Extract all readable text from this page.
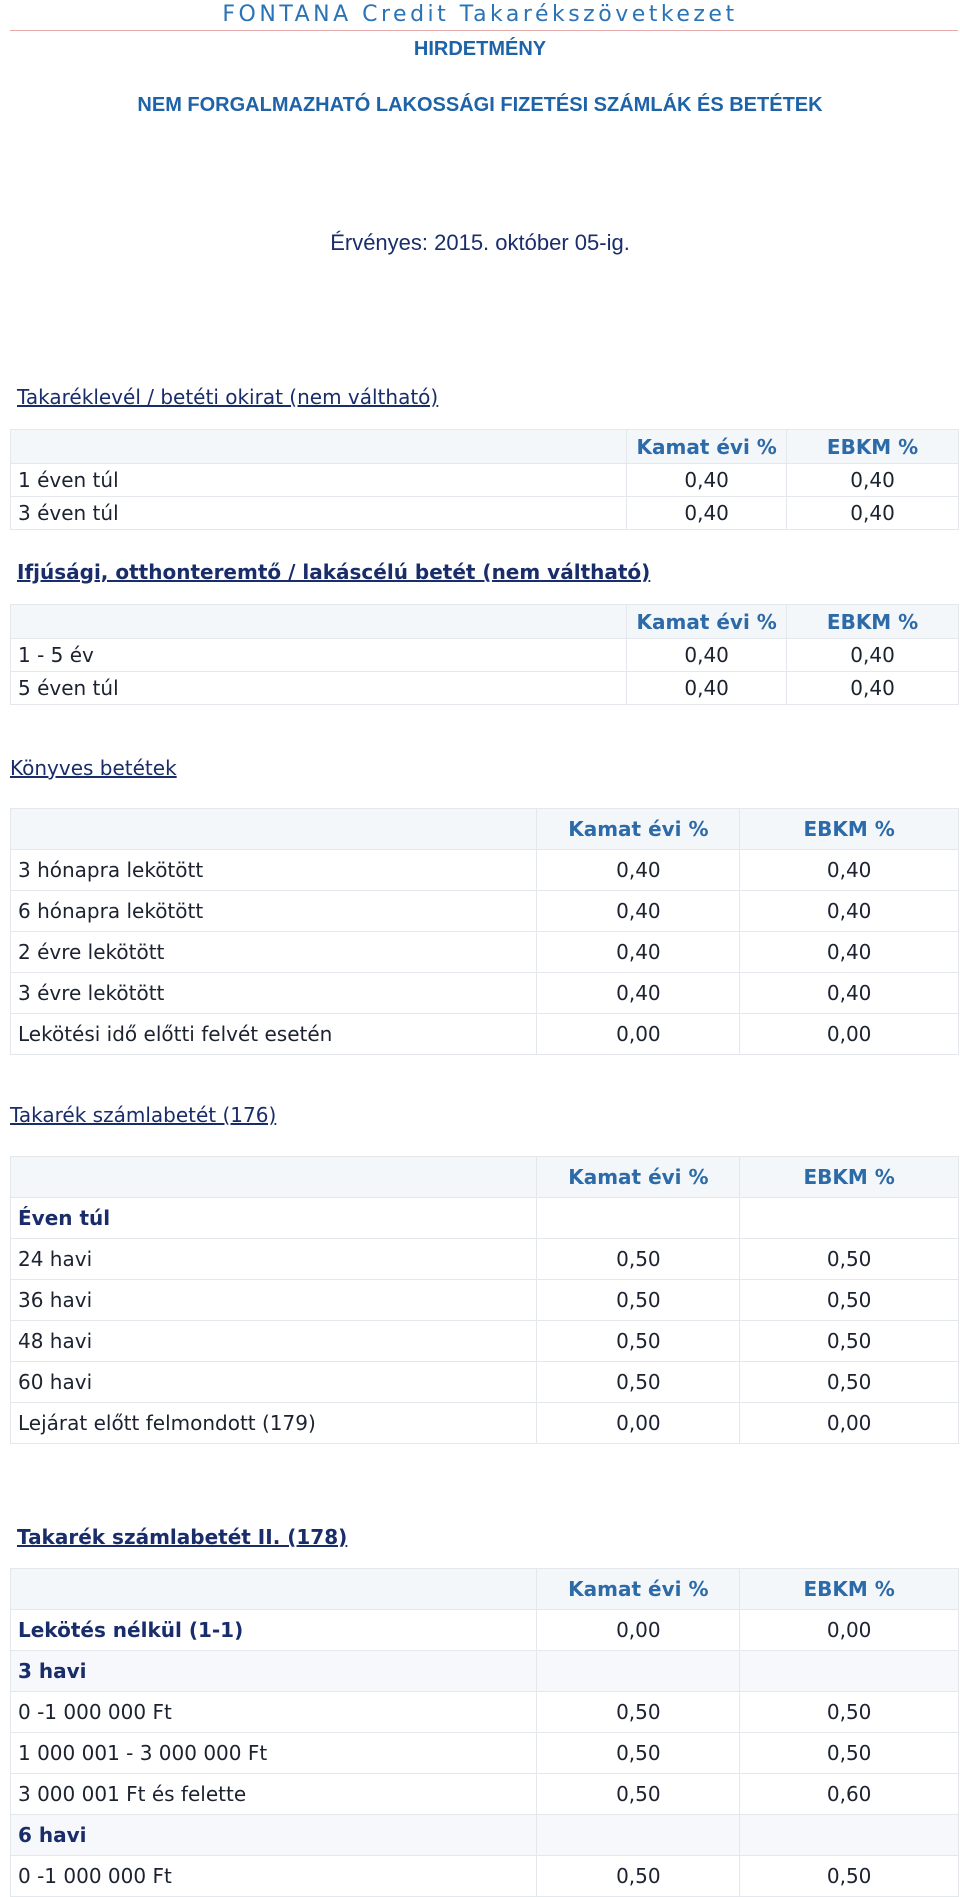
FONTANA Credit Takarékszövetkezet
HIRDETMÉNY
NEM FORGALMAZHATÓ LAKOSSÁGI FIZETÉSI SZÁMLÁK ÉS BETÉTEK
Érvényes: 2015. október 05-ig.
Takaréklevél / betéti okirat (nem váltható)
	Kamat évi %	EBKM %
1 éven túl	0,40	0,40
3 éven túl	0,40	0,40
Ifjúsági, otthonteremtő / lakáscélú betét (nem váltható)
	Kamat évi %	EBKM %
1 - 5 év	0,40	0,40
5 éven túl	0,40	0,40
Könyves betétek
	Kamat évi %	EBKM %
3 hónapra lekötött	0,40	0,40
6 hónapra lekötött	0,40	0,40
2 évre lekötött	0,40	0,40
3 évre lekötött	0,40	0,40
Lekötési idő előtti felvét esetén	0,00	0,00
Takarék számlabetét (176)
	Kamat évi %	EBKM %
Éven túl		
24 havi	0,50	0,50
36 havi	0,50	0,50
48 havi	0,50	0,50
60 havi	0,50	0,50
Lejárat előtt felmondott (179)	0,00	0,00
Takarék számlabetét II. (178)
	Kamat évi %	EBKM %
Lekötés nélkül (1-1)	0,00	0,00
3 havi		
0 -1 000 000 Ft	0,50	0,50
1 000 001 - 3 000 000 Ft	0,50	0,50
3 000 001 Ft és felette	0,50	0,60
6 havi		
0 -1 000 000 Ft	0,50	0,50
